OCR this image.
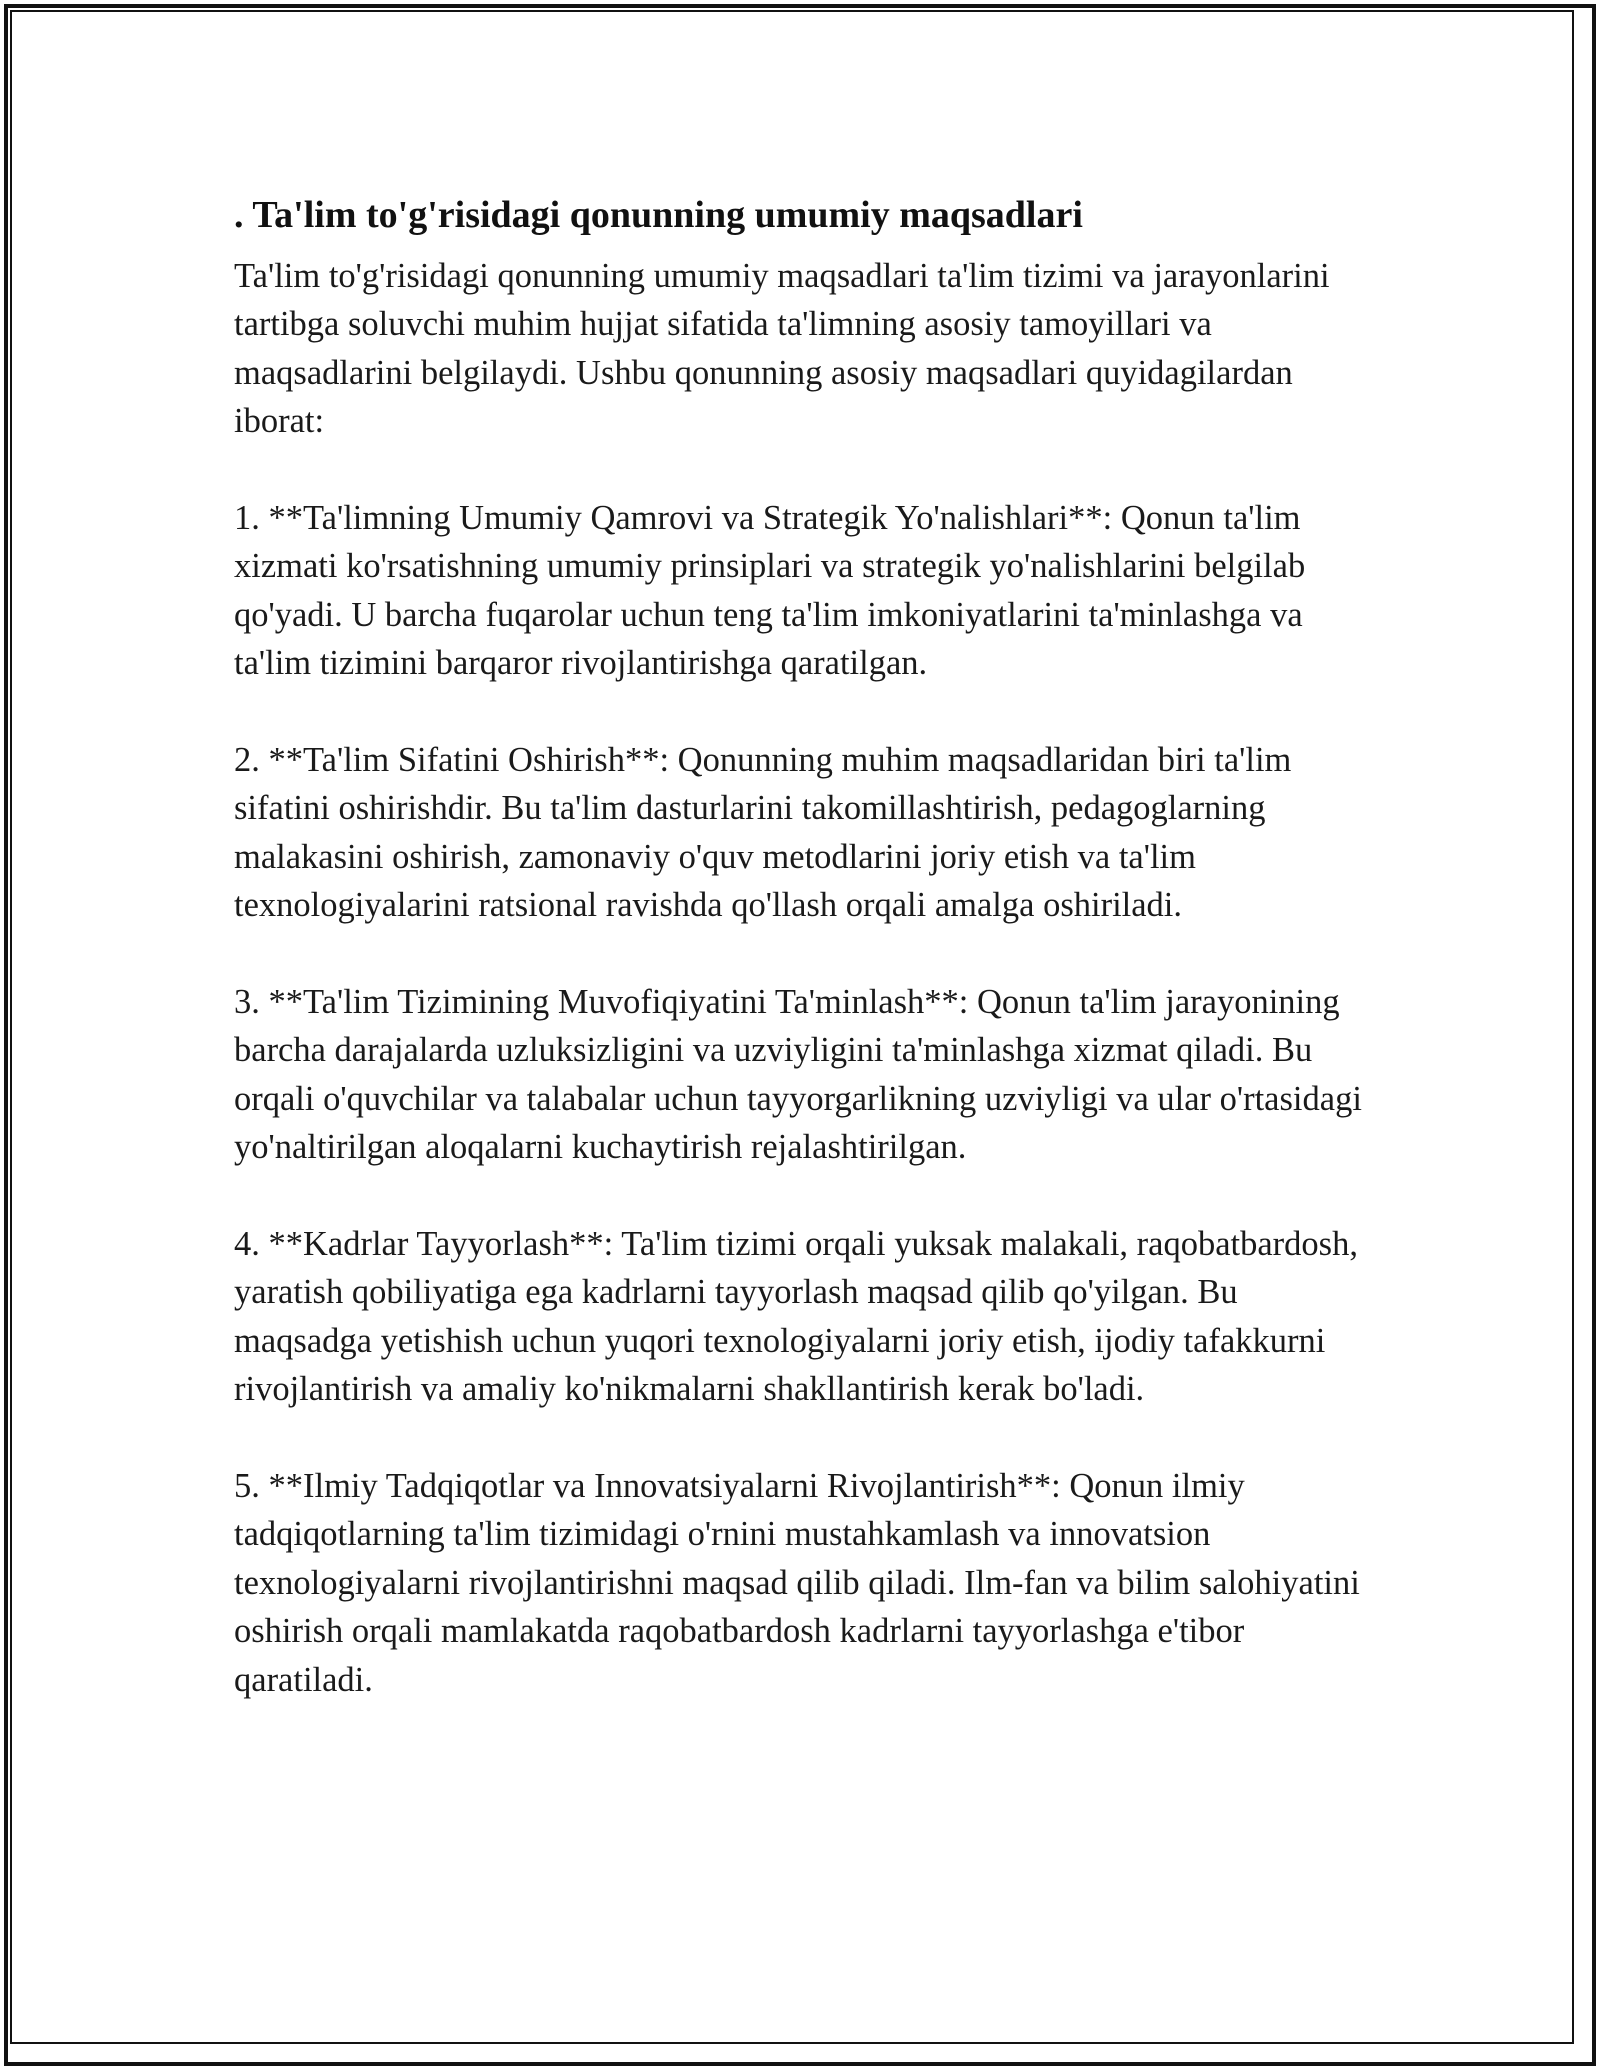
. Ta'lim to'g'risidagi qonunning umumiy maqsadlari

Ta'lim to'g'risidagi qonunning umumiy maqsadlari ta'lim tizimi va jarayonlarini tartibga soluvchi muhim hujjat sifatida ta'limning asosiy tamoyillari va maqsadlarini belgilaydi. Ushbu qonunning asosiy maqsadlari quyidagilardan iborat:

1. **Ta'limning Umumiy Qamrovi va Strategik Yo'nalishlari**: Qonun ta'lim xizmati ko'rsatishning umumiy prinsiplari va strategik yo'nalishlarini belgilab qo'yadi. U barcha fuqarolar uchun teng ta'lim imkoniyatlarini ta'minlashga va ta'lim tizimini barqaror rivojlantirishga qaratilgan.

2. **Ta'lim Sifatini Oshirish**: Qonunning muhim maqsadlaridan biri ta'lim sifatini oshirishdir. Bu ta'lim dasturlarini takomillashtirish, pedagoglarning malakasini oshirish, zamonaviy o'quv metodlarini joriy etish va ta'lim texnologiyalarini ratsional ravishda qo'llash orqali amalga oshiriladi.

3. **Ta'lim Tizimining Muvofiqiyatini Ta'minlash**: Qonun ta'lim jarayonining barcha darajalarda uzluksizligini va uzviyligini ta'minlashga xizmat qiladi. Bu orqali o'quvchilar va talabalar uchun tayyorgarlikning uzviyligi va ular o'rtasidagi yo'naltirilgan aloqalarni kuchaytirish rejalashtirilgan.

4. **Kadrlar Tayyorlash**: Ta'lim tizimi orqali yuksak malakali, raqobatbardosh, yaratish qobiliyatiga ega kadrlarni tayyorlash maqsad qilib qo'yilgan. Bu maqsadga yetishish uchun yuqori texnologiyalarni joriy etish, ijodiy tafakkurni rivojlantirish va amaliy ko'nikmalarni shakllantirish kerak bo'ladi.

5. **Ilmiy Tadqiqotlar va Innovatsiyalarni Rivojlantirish**: Qonun ilmiy tadqiqotlarning ta'lim tizimidagi o'rnini mustahkamlash va innovatsion texnologiyalarni rivojlantirishni maqsad qilib qiladi. Ilm-fan va bilim salohiyatini oshirish orqali mamlakatda raqobatbardosh kadrlarni tayyorlashga e'tibor qaratiladi.
